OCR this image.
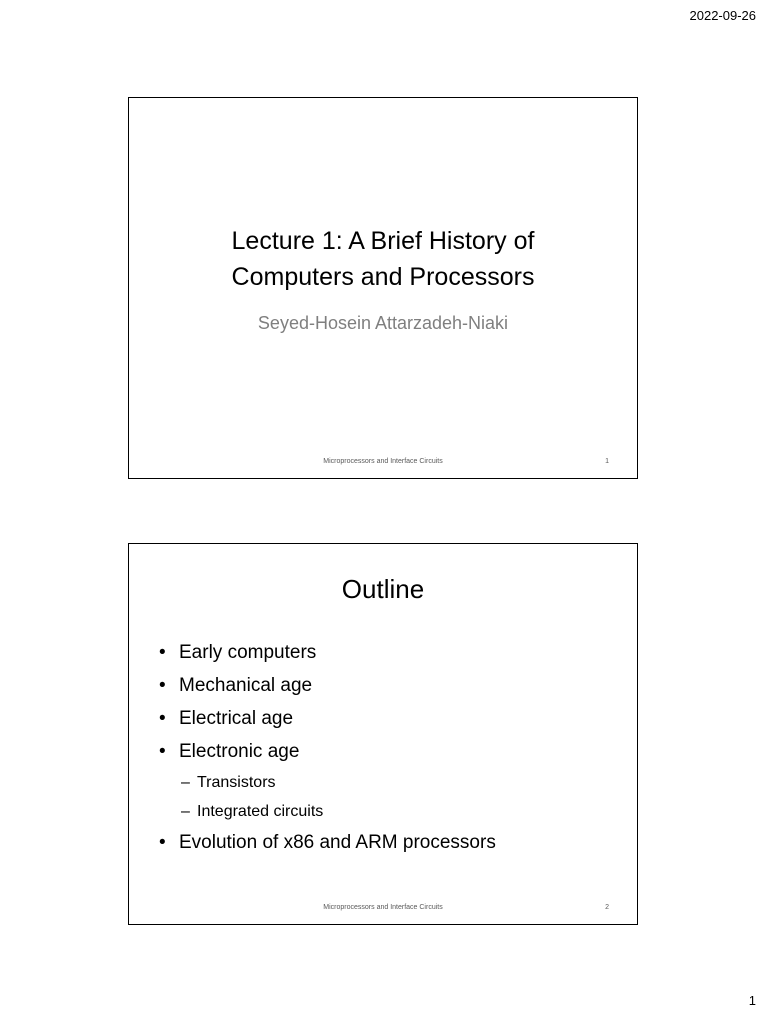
2022-09-26
Lecture 1: A Brief History of
Computers and Processors
Seyed-Hosein Attarzadeh-Niaki
Microprocessors and Interface Circuits	1
Outline
• Early computers
• Mechanical age
• Electrical age
• Electronic age
– Transistors
– Integrated circuits
• Evolution of x86 and ARM processors
Microprocessors and Interface Circuits	2
1
